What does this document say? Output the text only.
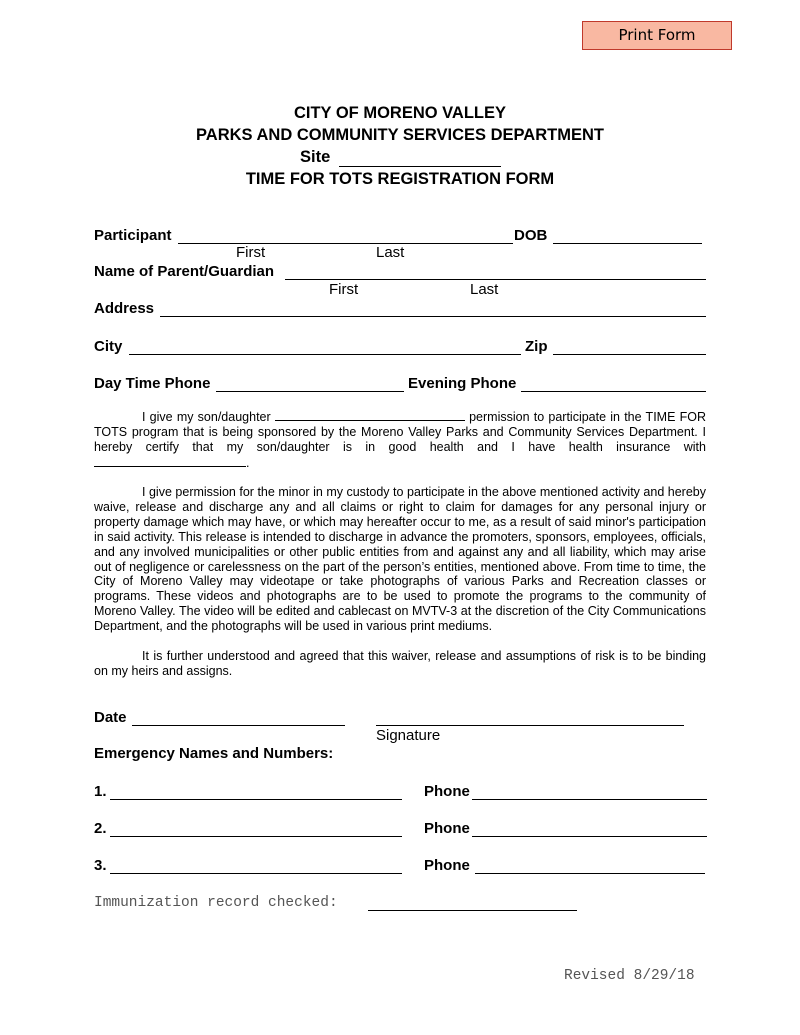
Print Form
CITY OF MORENO VALLEY
PARKS AND COMMUNITY SERVICES DEPARTMENT
Site
TIME FOR TOTS REGISTRATION FORM
Participant	DOB
First	Last
Name of Parent/Guardian
First	Last
Address
City	Zip
Day Time Phone	Evening Phone

I give my son/daughter	permission to participate in the TIME FOR TOTS program that is being sponsored by the Moreno Valley Parks and Community Services Department. I hereby certify that my son/daughter is in good health and I have health insurance with .

I give permission for the minor in my custody to participate in the above mentioned activity and hereby waive, release and discharge any and all claims or right to claim for damages for any personal injury or property damage which may have, or which may hereafter occur to me, as a result of said minor's participation in said activity. This release is intended to discharge in advance the promoters, sponsors, employees, officials, and any involved municipalities or other public entities from and against any and all liability, which may arise out of negligence or carelessness on the part of the person’s entities, mentioned above. From time to time, the City of Moreno Valley may videotape or take photographs of various Parks and Recreation classes or programs. These videos and photographs are to be used to promote the programs to the community of Moreno Valley. The video will be edited and cablecast on MVTV-3 at the discretion of the City Communications Department, and the photographs will be used in various print mediums.

It is further understood and agreed that this waiver, release and assumptions of risk is to be binding on my heirs and assigns.

Date
Signature
Emergency Names and Numbers:
1.	Phone
2.	Phone
3.	Phone
Immunization record checked:
Revised 8/29/18
